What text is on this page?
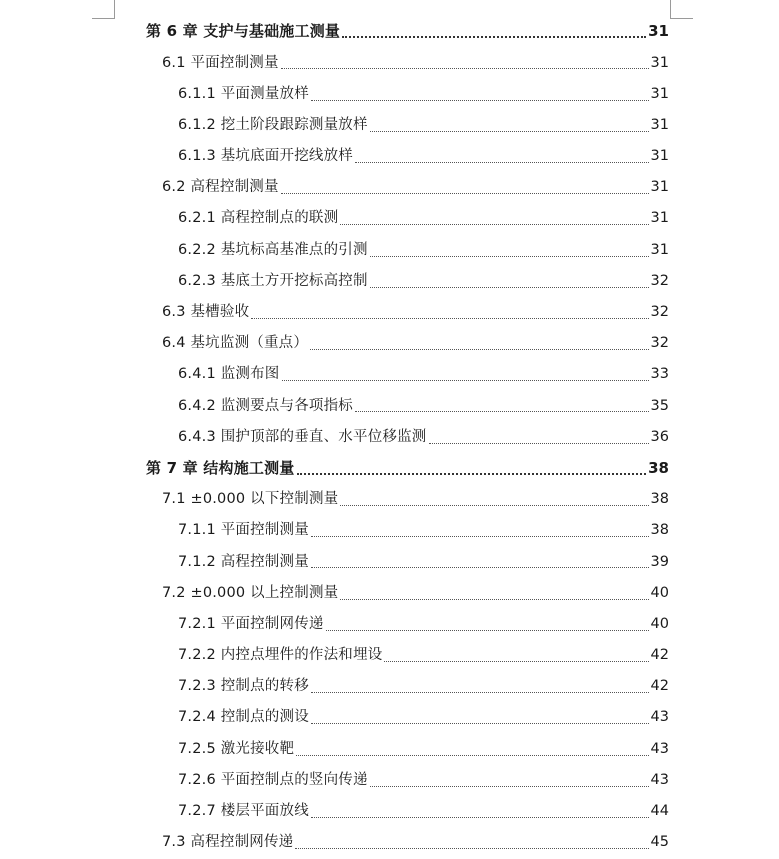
第 6 章 支护与基础施工测量	31
6.1 平面控制测量	31
6.1.1 平面测量放样	31
6.1.2 挖土阶段跟踪测量放样	31
6.1.3 基坑底面开挖线放样	31
6.2 高程控制测量	31
6.2.1 高程控制点的联测	31
6.2.2 基坑标高基准点的引测	31
6.2.3 基底土方开挖标高控制	32
6.3 基槽验收	32
6.4 基坑监测（重点）	32
6.4.1 监测布图	33
6.4.2 监测要点与各项指标	35
6.4.3 围护顶部的垂直、水平位移监测	36
第 7 章 结构施工测量	38
7.1 ±0.000 以下控制测量	38
7.1.1 平面控制测量	38
7.1.2 高程控制测量	39
7.2 ±0.000 以上控制测量	40
7.2.1 平面控制网传递	40
7.2.2 内控点埋件的作法和埋设	42
7.2.3 控制点的转移	42
7.2.4 控制点的测设	43
7.2.5 激光接收靶	43
7.2.6 平面控制点的竖向传递	43
7.2.7 楼层平面放线	44
7.3 高程控制网传递	45
